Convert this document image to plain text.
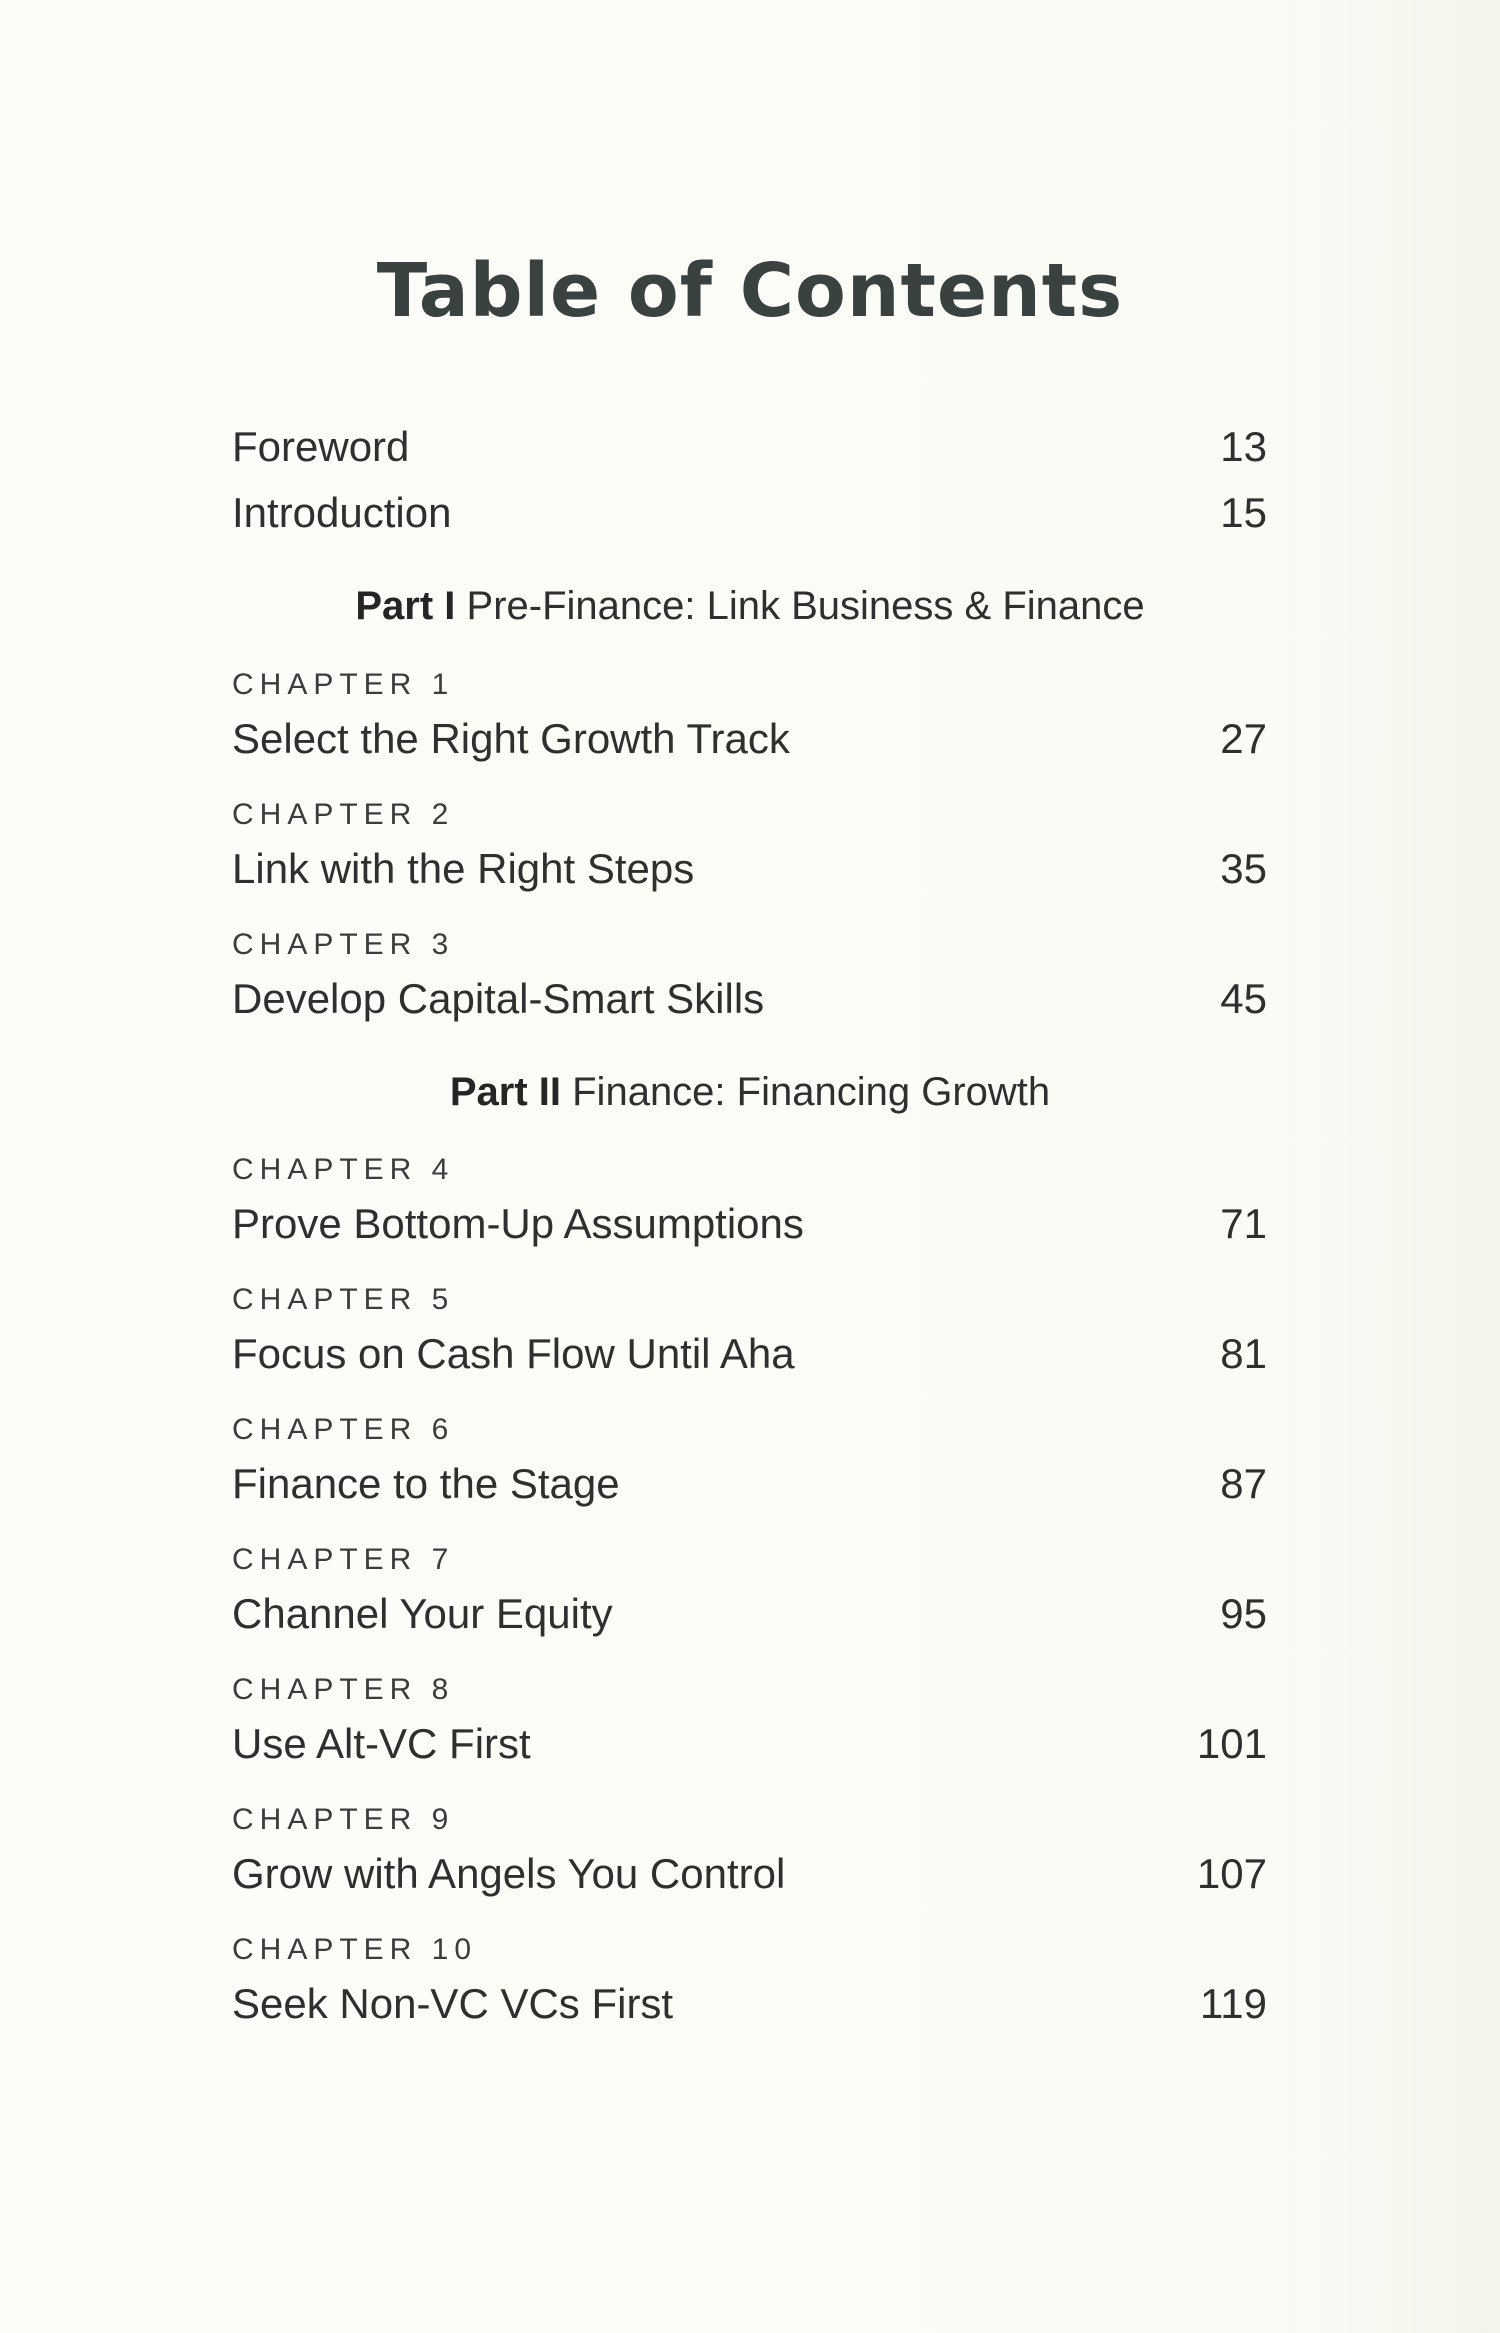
Table of Contents
Foreword	13
Introduction	15
Part I Pre-Finance: Link Business & Finance
CHAPTER 1
Select the Right Growth Track	27
CHAPTER 2
Link with the Right Steps	35
CHAPTER 3
Develop Capital-Smart Skills	45
Part II Finance: Financing Growth
CHAPTER 4
Prove Bottom-Up Assumptions	71
CHAPTER 5
Focus on Cash Flow Until Aha	81
CHAPTER 6
Finance to the Stage	87
CHAPTER 7
Channel Your Equity	95
CHAPTER 8
Use Alt-VC First	101
CHAPTER 9
Grow with Angels You Control	107
CHAPTER 10
Seek Non-VC VCs First	119
